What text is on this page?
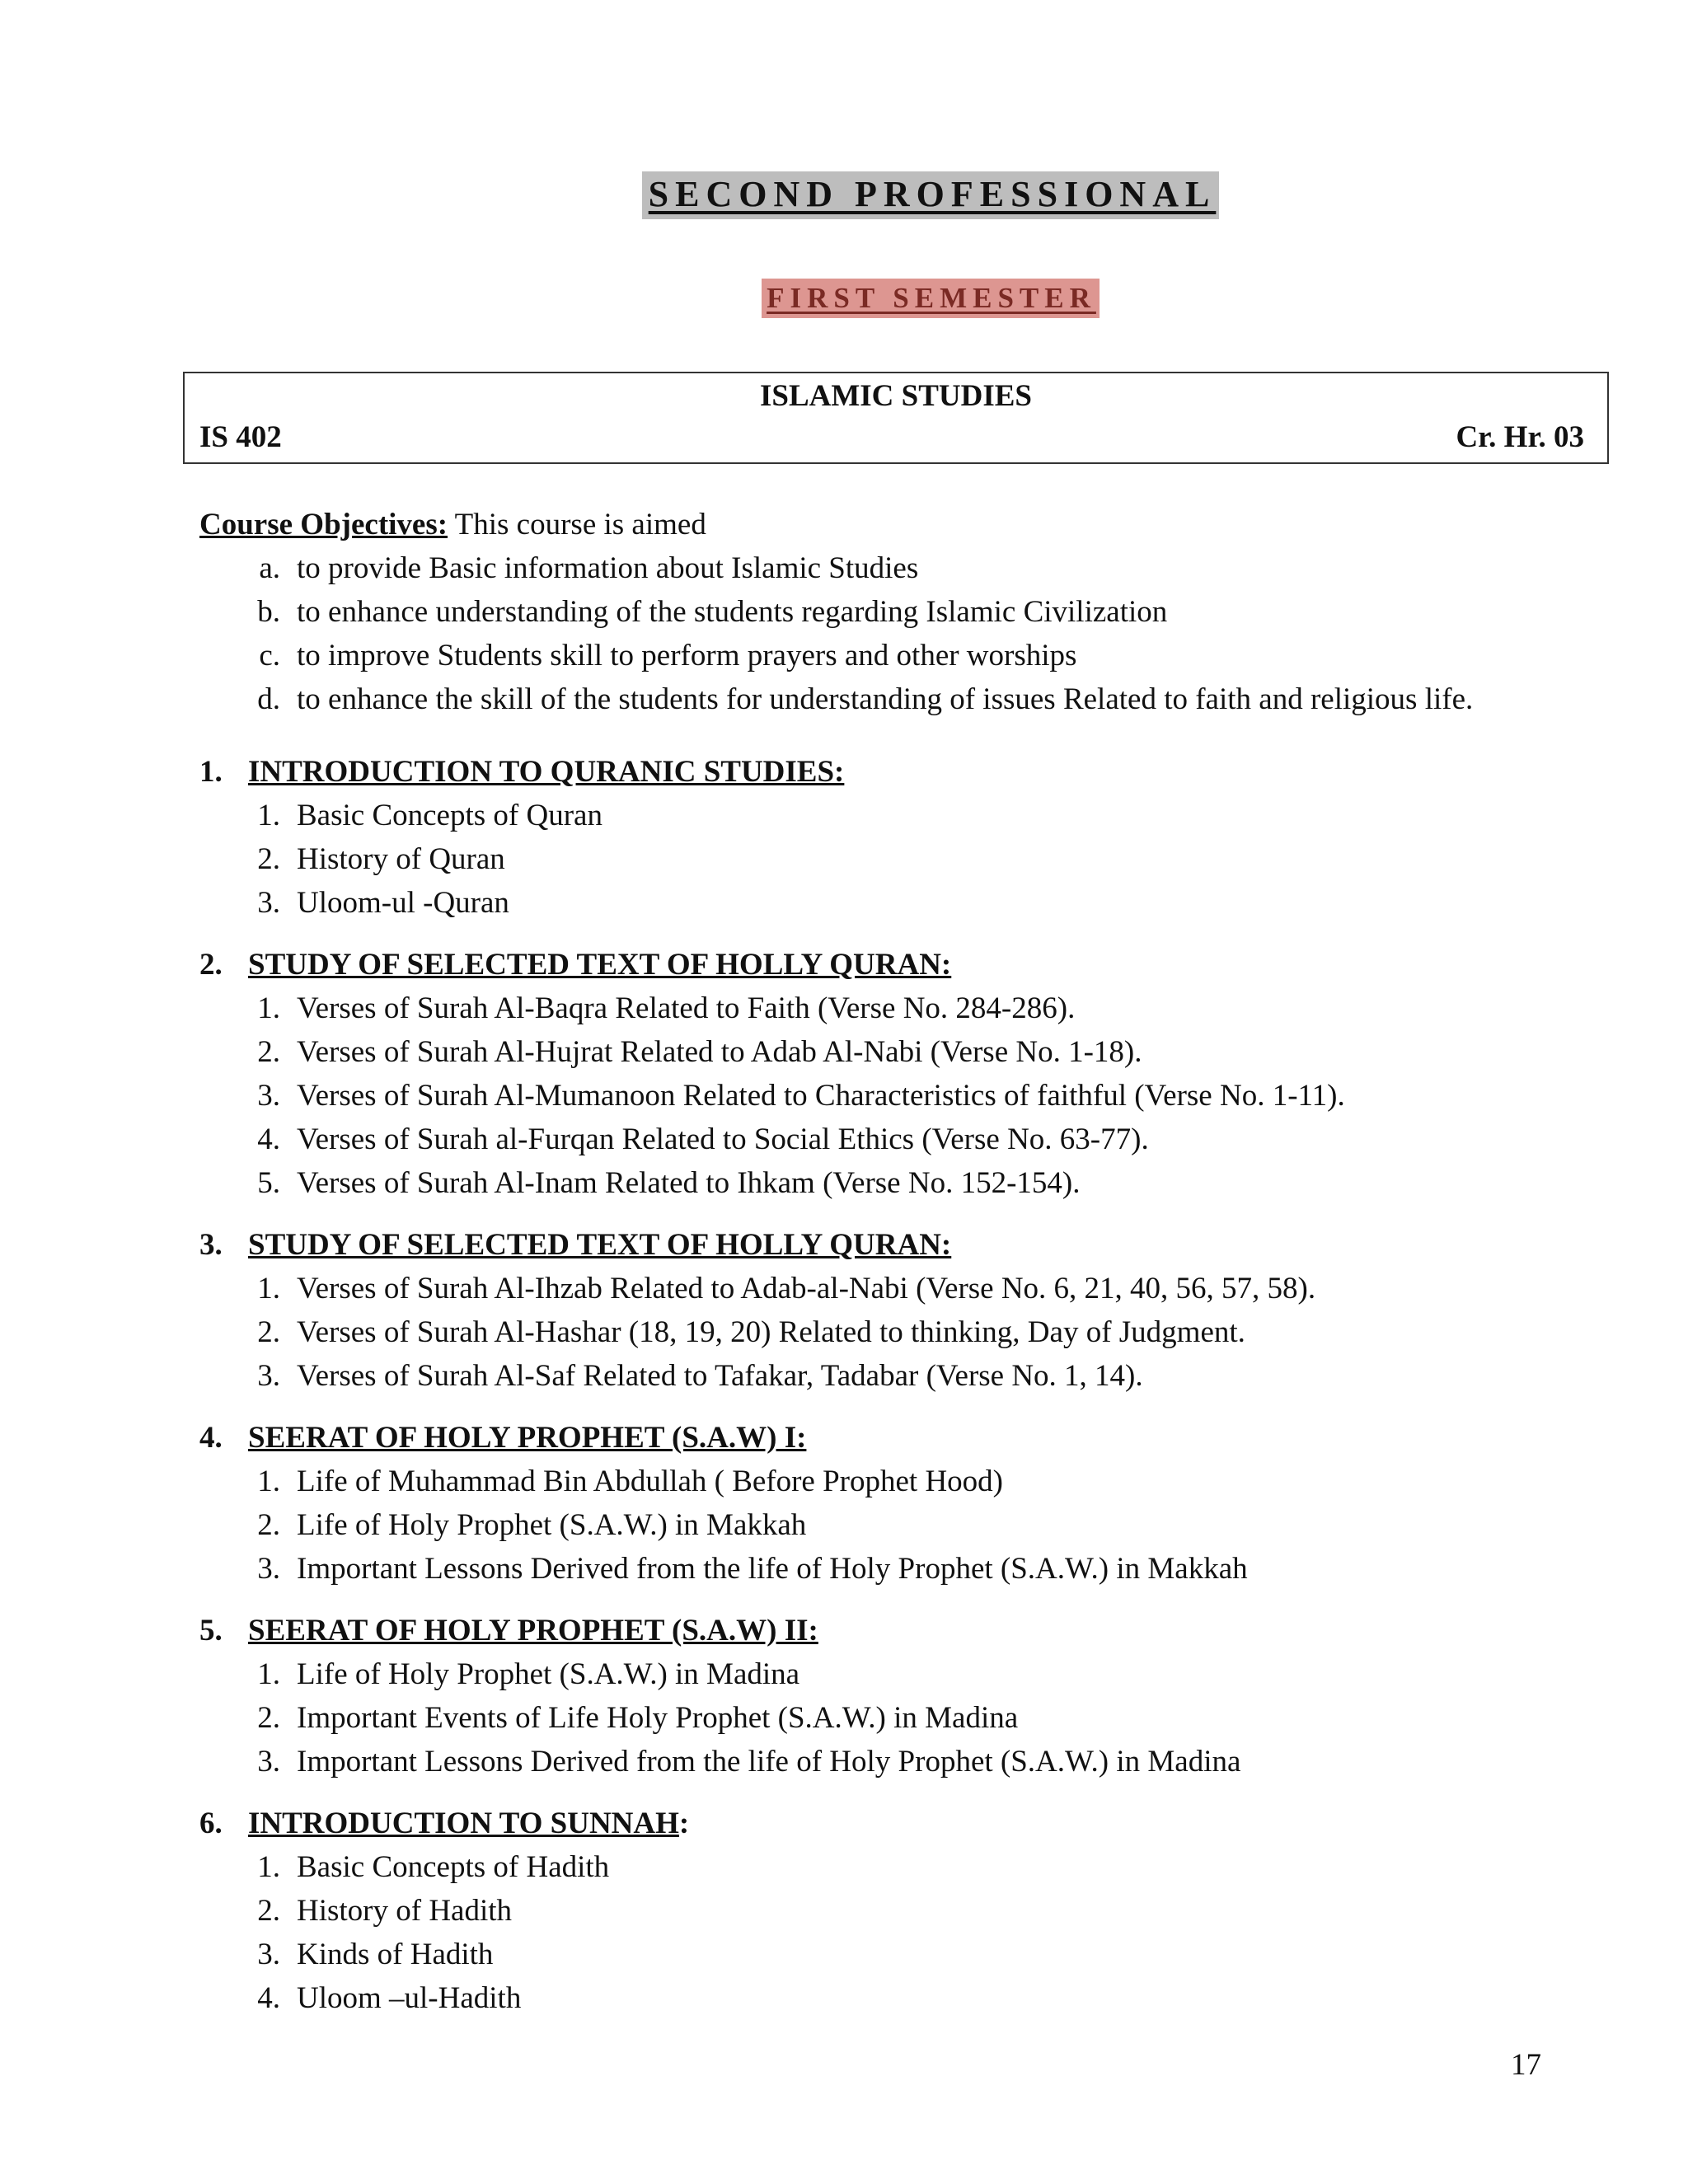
SECOND PROFESSIONAL
FIRST SEMESTER
ISLAMIC STUDIES
IS 402	Cr. Hr. 03
Course Objectives: This course is aimed
a. to provide Basic information about Islamic Studies
b. to enhance understanding of the students regarding Islamic Civilization
c. to improve Students skill to perform prayers and other worships
d. to enhance the skill of the students for understanding of issues Related to faith and religious life.
1. INTRODUCTION TO QURANIC STUDIES:
1. Basic Concepts of Quran
2. History of Quran
3. Uloom-ul -Quran
2. STUDY OF SELECTED TEXT OF HOLLY QURAN:
1. Verses of Surah Al-Baqra Related to Faith (Verse No. 284-286).
2. Verses of Surah Al-Hujrat Related to Adab Al-Nabi (Verse No. 1-18).
3. Verses of Surah Al-Mumanoon Related to Characteristics of faithful (Verse No. 1-11).
4. Verses of Surah al-Furqan Related to Social Ethics (Verse No. 63-77).
5. Verses of Surah Al-Inam Related to Ihkam (Verse No. 152-154).
3. STUDY OF SELECTED TEXT OF HOLLY QURAN:
1. Verses of Surah Al-Ihzab Related to Adab-al-Nabi (Verse No. 6, 21, 40, 56, 57, 58).
2. Verses of Surah Al-Hashar (18, 19, 20) Related to thinking, Day of Judgment.
3. Verses of Surah Al-Saf Related to Tafakar, Tadabar (Verse No. 1, 14).
4. SEERAT OF HOLY PROPHET (S.A.W) I:
1. Life of Muhammad Bin Abdullah ( Before Prophet Hood)
2. Life of Holy Prophet (S.A.W.) in Makkah
3. Important Lessons Derived from the life of Holy Prophet (S.A.W.) in Makkah
5. SEERAT OF HOLY PROPHET (S.A.W) II:
1. Life of Holy Prophet (S.A.W.) in Madina
2. Important Events of Life Holy Prophet (S.A.W.) in Madina
3. Important Lessons Derived from the life of Holy Prophet (S.A.W.) in Madina
6. INTRODUCTION TO SUNNAH:
1. Basic Concepts of Hadith
2. History of Hadith
3. Kinds of Hadith
4. Uloom –ul-Hadith
17
